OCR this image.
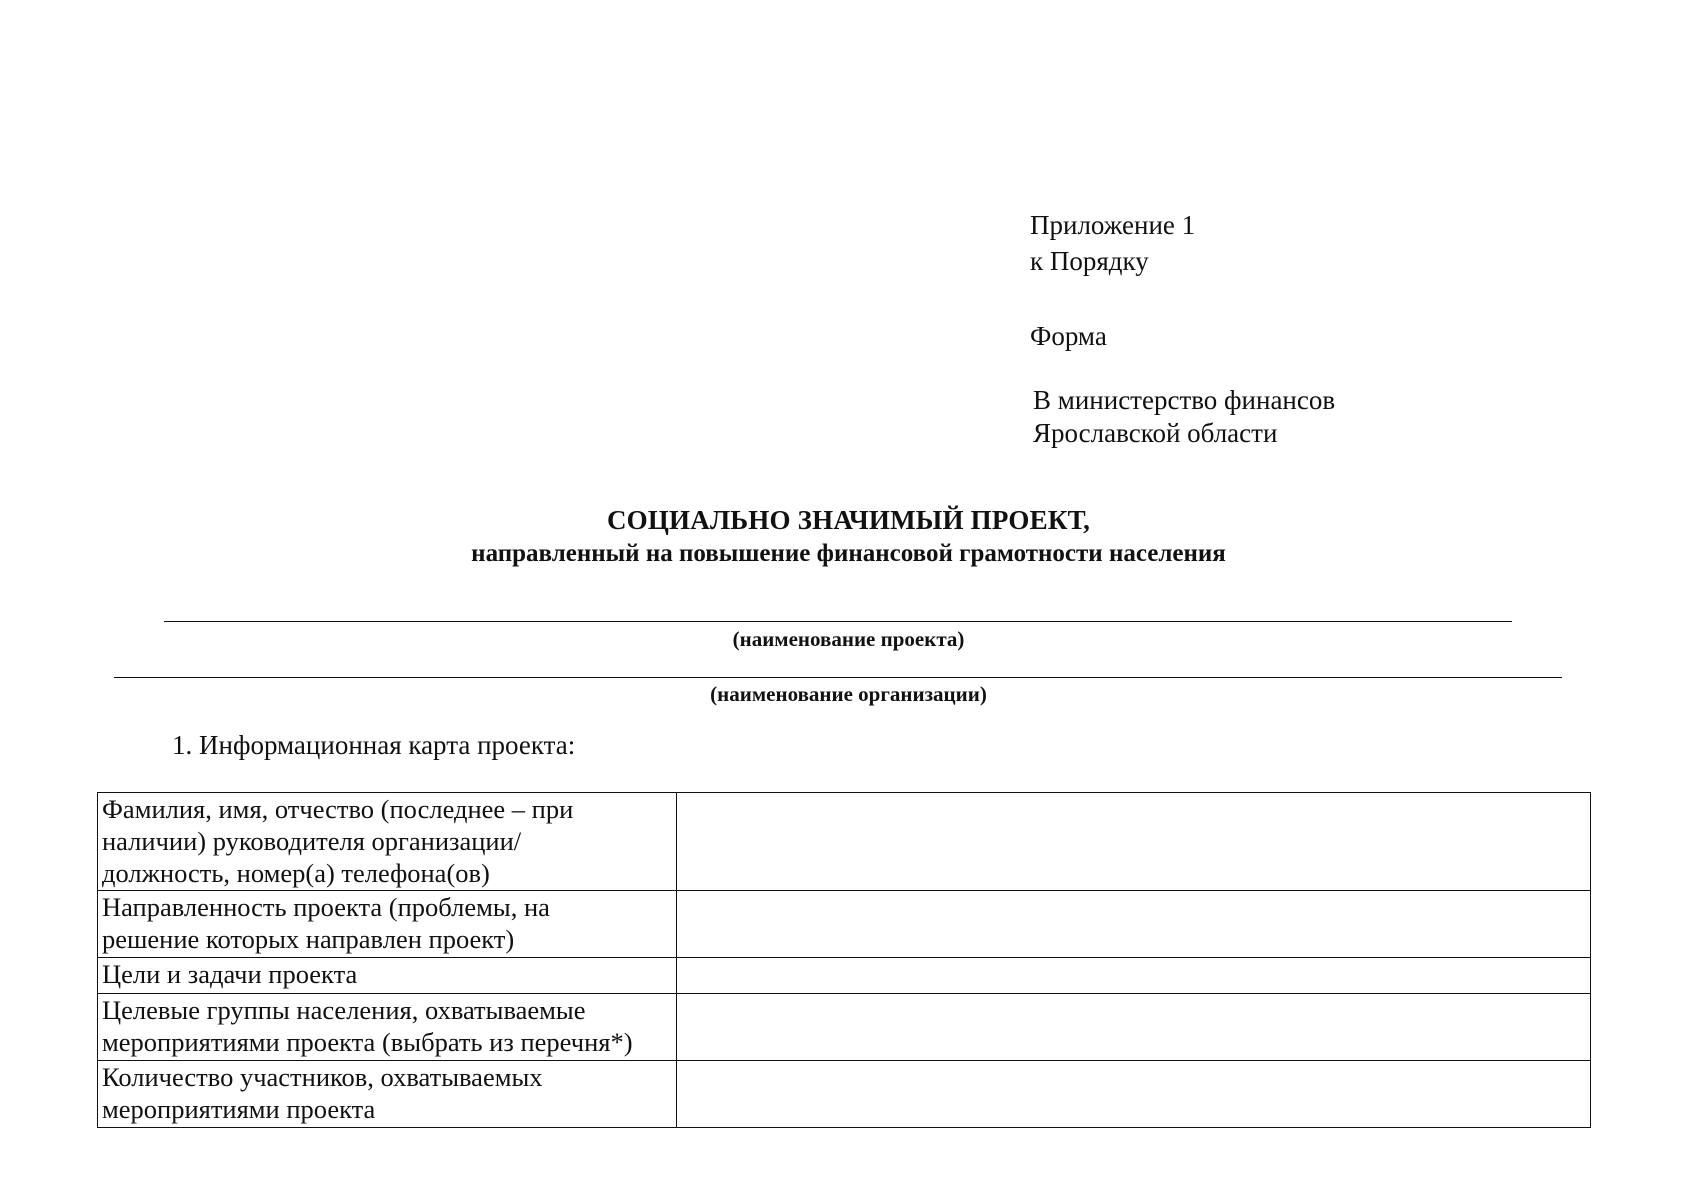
Приложение 1
к Порядку
Форма
В министерство финансов
Ярославской области
СОЦИАЛЬНО ЗНАЧИМЫЙ ПРОЕКТ,
направленный на повышение финансовой грамотности населения
(наименование проекта)
(наименование организации)
1. Информационная карта проекта:
Фамилия, имя, отчество (последнее – при
наличии) руководителя организации/
должность, номер(а) телефона(ов)	

Направленность проекта (проблемы, на
решение которых направлен проект)	

Цели и задачи проекта	

Целевые группы населения, охватываемые
мероприятиями проекта (выбрать из перечня*)	

Количество участников, охватываемых
мероприятиями проекта	
